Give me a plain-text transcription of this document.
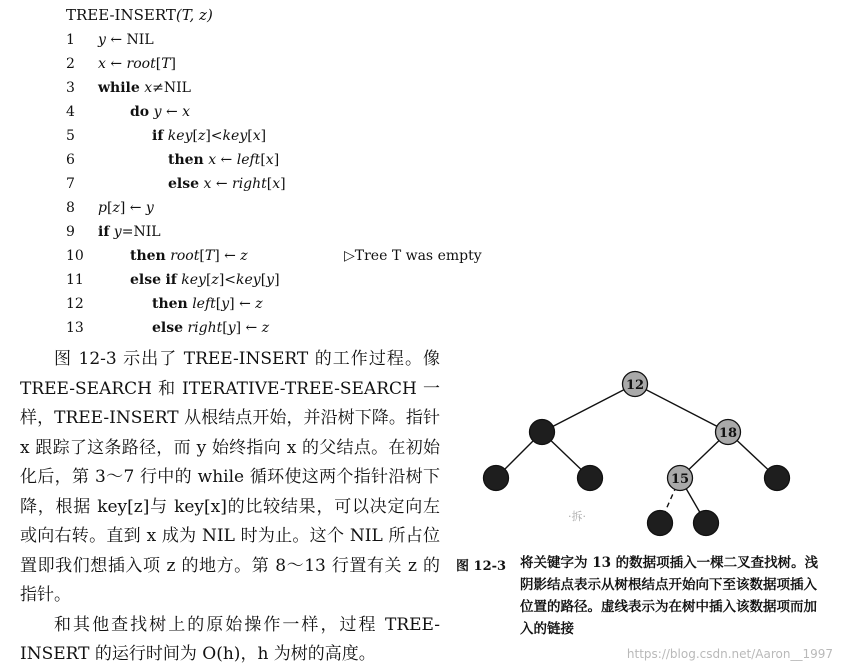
TREE-INSERT(T, z)
1	y ← NIL
2	x ← root[T]
3	while x≠NIL
4	do y ← x
5	if key[z]<key[x]
6	then x ← left[x]
7	else x ← right[x]
8	p[z] ← y
9	if y=NIL
10	then root[T] ← z	▷Tree T was empty
11	else if key[z]<key[y]
12	then left[y] ← z
13	else right[y] ← z

图 12-3 示出了 TREE-INSERT 的工作过程。像 TREE-SEARCH 和 ITERATIVE-TREE-SEARCH 一样，TREE-INSERT 从根结点开始，并沿树下降。指针 x 跟踪了这条路径，而 y 始终指向 x 的父结点。在初始化后，第 3～7 行中的 while 循环使这两个指针沿树下降，根据 key[z]与 key[x]的比较结果，可以决定向左或向右转。直到 x 成为 NIL 时为止。这个 NIL 所占位置即我们想插入项 z 的地方。第 8～13 行置有关 z 的指针。

和其他查找树上的原始操作一样，过程 TREE-INSERT 的运行时间为 O(h)，h 为树的高度。

12
18
15
·拆·
图 12-3 将关键字为 13 的数据项插入一棵二叉查找树。浅阴影结点表示从树根结点开始向下至该数据项插入位置的路径。虚线表示为在树中插入该数据项而加入的链接
https://blog.csdn.net/Aaron__1997
